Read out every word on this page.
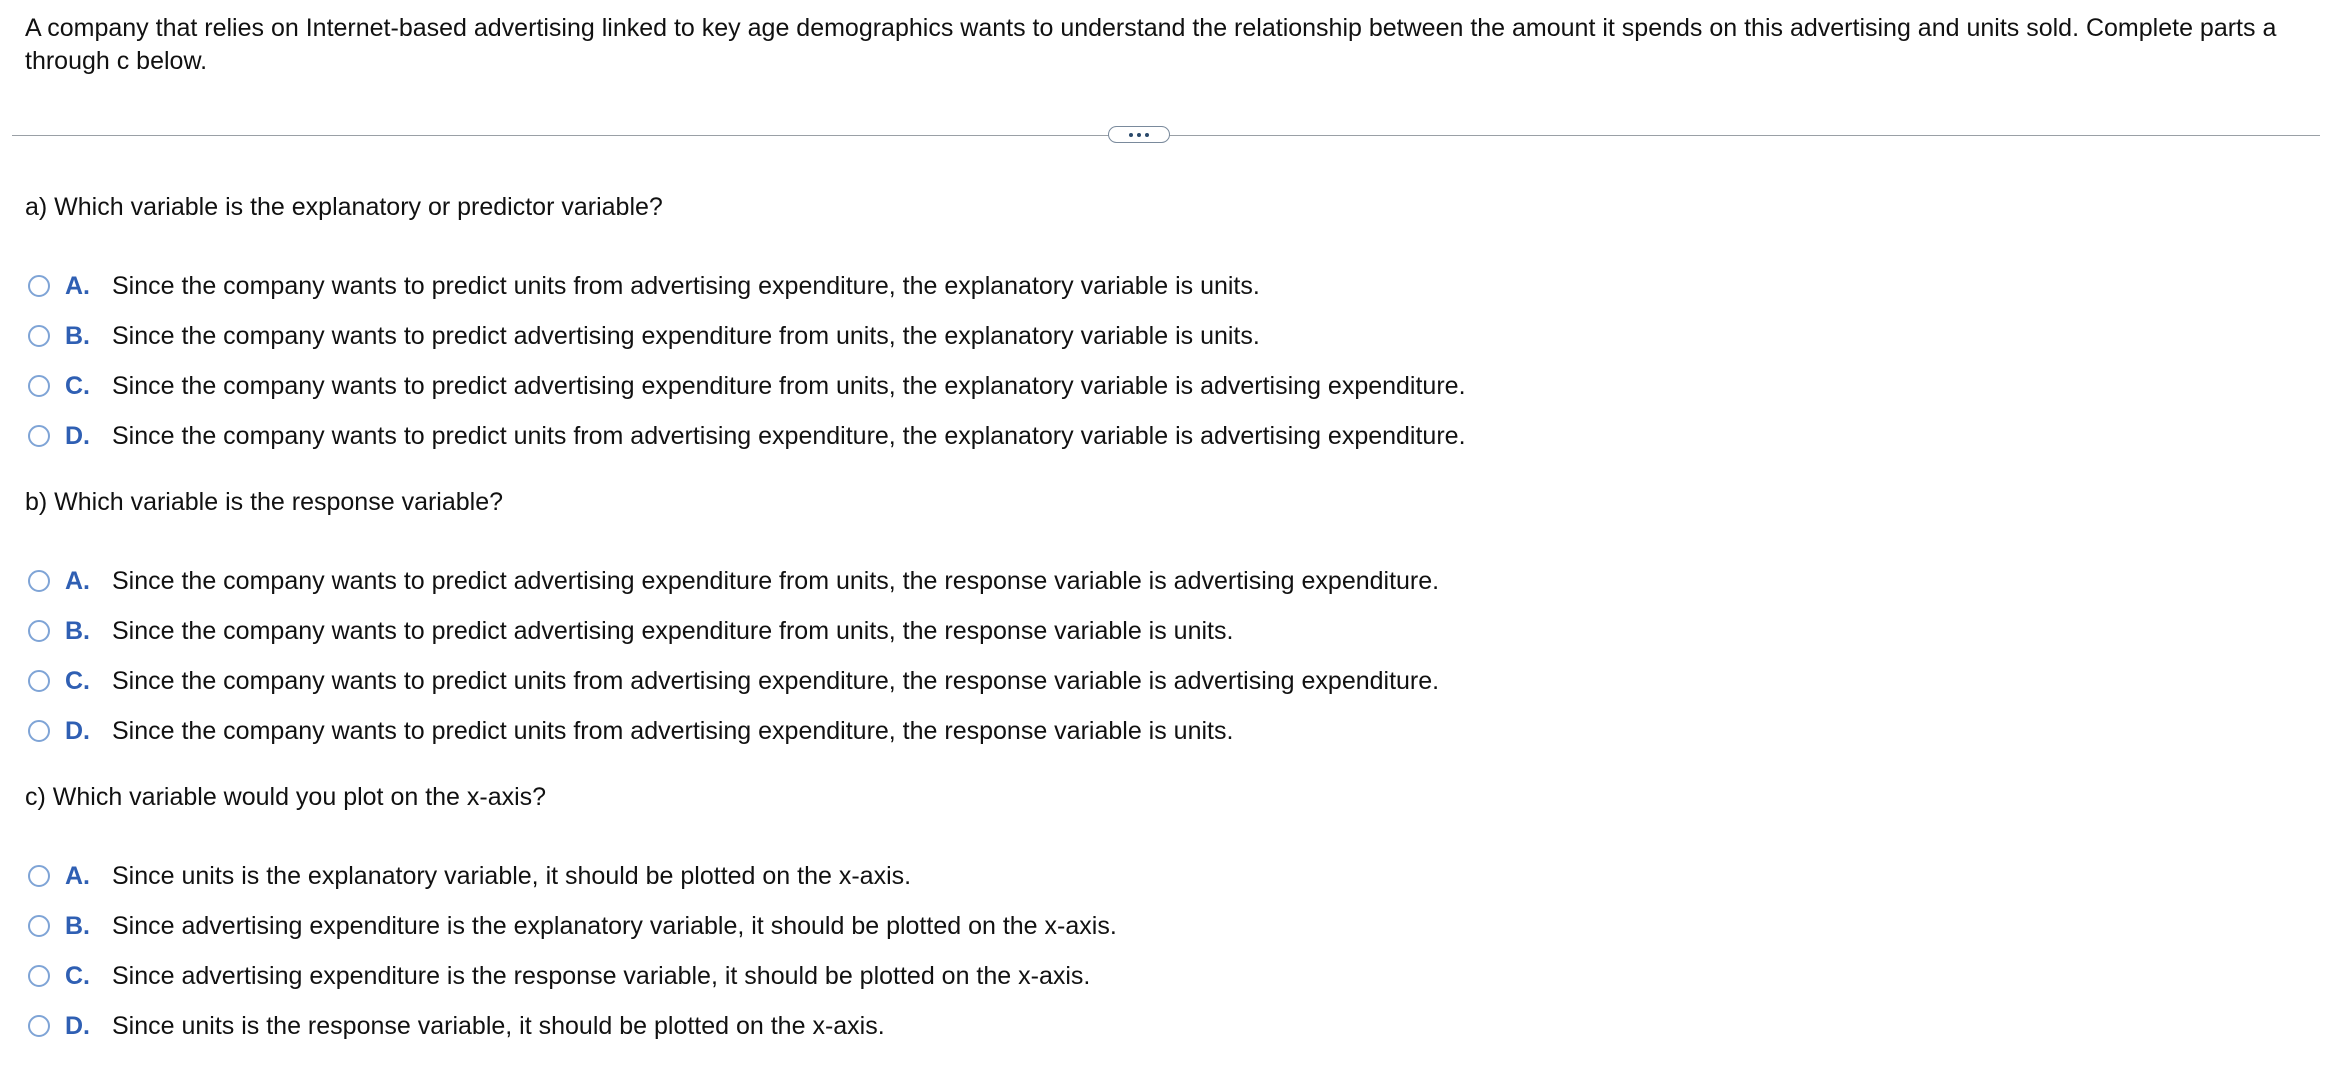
A company that relies on Internet-based advertising linked to key age demographics wants to understand the relationship between the amount it spends on this advertising and units sold. Complete parts a through c below.
a) Which variable is the explanatory or predictor variable?
A. Since the company wants to predict units from advertising expenditure, the explanatory variable is units.
B. Since the company wants to predict advertising expenditure from units, the explanatory variable is units.
C. Since the company wants to predict advertising expenditure from units, the explanatory variable is advertising expenditure.
D. Since the company wants to predict units from advertising expenditure, the explanatory variable is advertising expenditure.
b) Which variable is the response variable?
A. Since the company wants to predict advertising expenditure from units, the response variable is advertising expenditure.
B. Since the company wants to predict advertising expenditure from units, the response variable is units.
C. Since the company wants to predict units from advertising expenditure, the response variable is advertising expenditure.
D. Since the company wants to predict units from advertising expenditure, the response variable is units.
c) Which variable would you plot on the x-axis?
A. Since units is the explanatory variable, it should be plotted on the x-axis.
B. Since advertising expenditure is the explanatory variable, it should be plotted on the x-axis.
C. Since advertising expenditure is the response variable, it should be plotted on the x-axis.
D. Since units is the response variable, it should be plotted on the x-axis.
